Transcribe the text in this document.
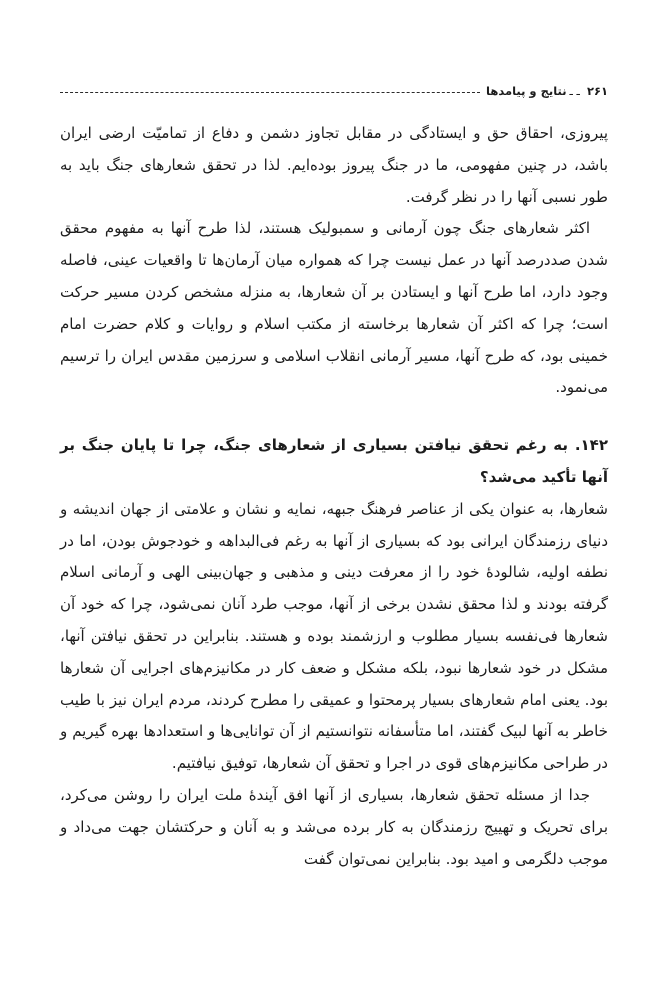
۲۶۱
ـ ـ
نتایج و پیامدها

پیروزی، احقاق حق و ایستادگی در مقابل تجاوز دشمن و دفاع از تمامیّت ارضی ایران باشد، در چنین مفهومی، ما در جنگ پیروز بوده‌ایم. لذا در تحقق شعارهای جنگ باید به طور نسبی آنها را در نظر گرفت.

اکثر شعارهای جنگ چون آرمانی و سمبولیک هستند، لذا طرح آنها به مفهوم محقق شدن صددرصد آنها در عمل نیست چرا که همواره میان آرمان‌ها تا واقعیات عینی، فاصله وجود دارد، اما طرح آنها و ایستادن بر آن شعارها، به منزله مشخص کردن مسیر حرکت است؛ چرا که اکثر آن شعارها برخاسته از مکتب اسلام و روایات و کلام حضرت امام خمینی بود، که طرح آنها، مسیر آرمانی انقلاب اسلامی و سرزمین مقدس ایران را ترسیم می‌نمود.

۱۴۲. به رغم تحقق نیافتن بسیاری از شعارهای جنگ، چرا تا پایان جنگ بر آنها تأکید می‌شد؟

شعارها، به عنوان یکی از عناصر فرهنگ جبهه، نمایه و نشان و علامتی از جهان اندیشه و دنیای رزمندگان ایرانی بود که بسیاری از آنها به رغم فی‌البداهه و خودجوش بودن، اما در نطفه اولیه، شالودهٔ خود را از معرفت دینی و مذهبی و جهان‌بینی الهی و آرمانی اسلام گرفته بودند و لذا محقق نشدن برخی از آنها، موجب طرد آنان نمی‌شود، چرا که خود آن شعارها فی‌نفسه بسیار مطلوب و ارزشمند بوده و هستند. بنابراین در تحقق نیافتن آنها، مشکل در خود شعارها نبود، بلکه مشکل و ضعف کار در مکانیزم‌های اجرایی آن شعارها بود. یعنی امام شعارهای بسیار پرمحتوا و عمیقی را مطرح کردند، مردم ایران نیز با طیب خاطر به آنها لبیک گفتند، اما متأسفانه نتوانستیم از آن توانایی‌ها و استعدادها بهره گیریم و در طراحی مکانیزم‌های قوی در اجرا و تحقق آن شعارها، توفیق نیافتیم.

جدا از مسئله تحقق شعارها، بسیاری از آنها افق آیندهٔ ملت ایران را روشن می‌کرد، برای تحریک و تهییج رزمندگان به کار برده می‌شد و به آنان و حرکتشان جهت می‌داد و موجب دلگرمی و امید بود. بنابراین نمی‌توان گفت
